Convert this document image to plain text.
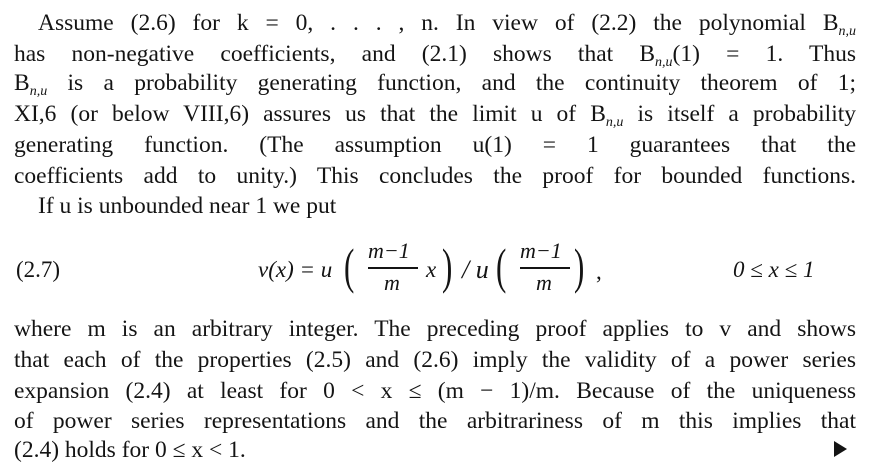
Assume (2.6) for k = 0, . . . , n. In view of (2.2) the polynomial $B_{n,u}$
has non-negative coefficients, and (2.1) shows that $B_{n,u}(1) = 1$. Thus
$B_{n,u}$ is a probability generating function, and the continuity theorem of 1;
XI,6 (or below VIII,6) assures us that the limit u of $B_{n,u}$ is itself a probability
generating function. (The assumption u(1) = 1 guarantees that the
coefficients add to unity.) This concludes the proof for bounded functions.
If u is unbounded near 1 we put
(2.7)	v(x) = u ( m−1
m
x ) / u ( m−1
m ) ,	0 ≤ x ≤ 1
where m is an arbitrary integer. The preceding proof applies to v and shows
that each of the properties (2.5) and (2.6) imply the validity of a power series
expansion (2.4) at least for 0 < x ≤ (m − 1)/m. Because of the uniqueness
of power series representations and the arbitrariness of m this implies that
(2.4) holds for 0 ≤ x < 1.
